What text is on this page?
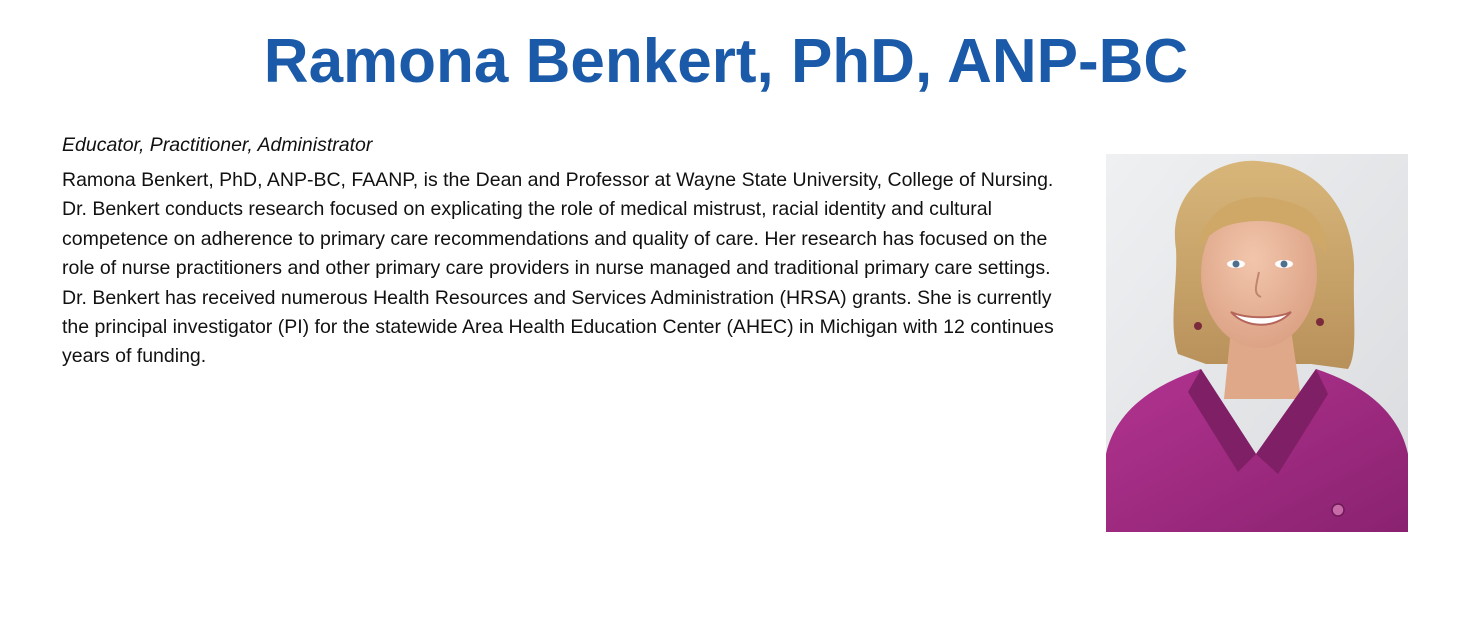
Ramona Benkert, PhD, ANP-BC
Educator, Practitioner, Administrator
Ramona Benkert, PhD, ANP-BC, FAANP, is the Dean and Professor at Wayne State University, College of Nursing. Dr. Benkert conducts research focused on explicating the role of medical mistrust, racial identity and cultural competence on adherence to primary care recommendations and quality of care. Her research has focused on the role of nurse practitioners and other primary care providers in nurse managed and traditional primary care settings. Dr. Benkert has received numerous Health Resources and Services Administration (HRSA) grants. She is currently the principal investigator (PI) for the statewide Area Health Education Center (AHEC) in Michigan with 12 continues years of funding.
